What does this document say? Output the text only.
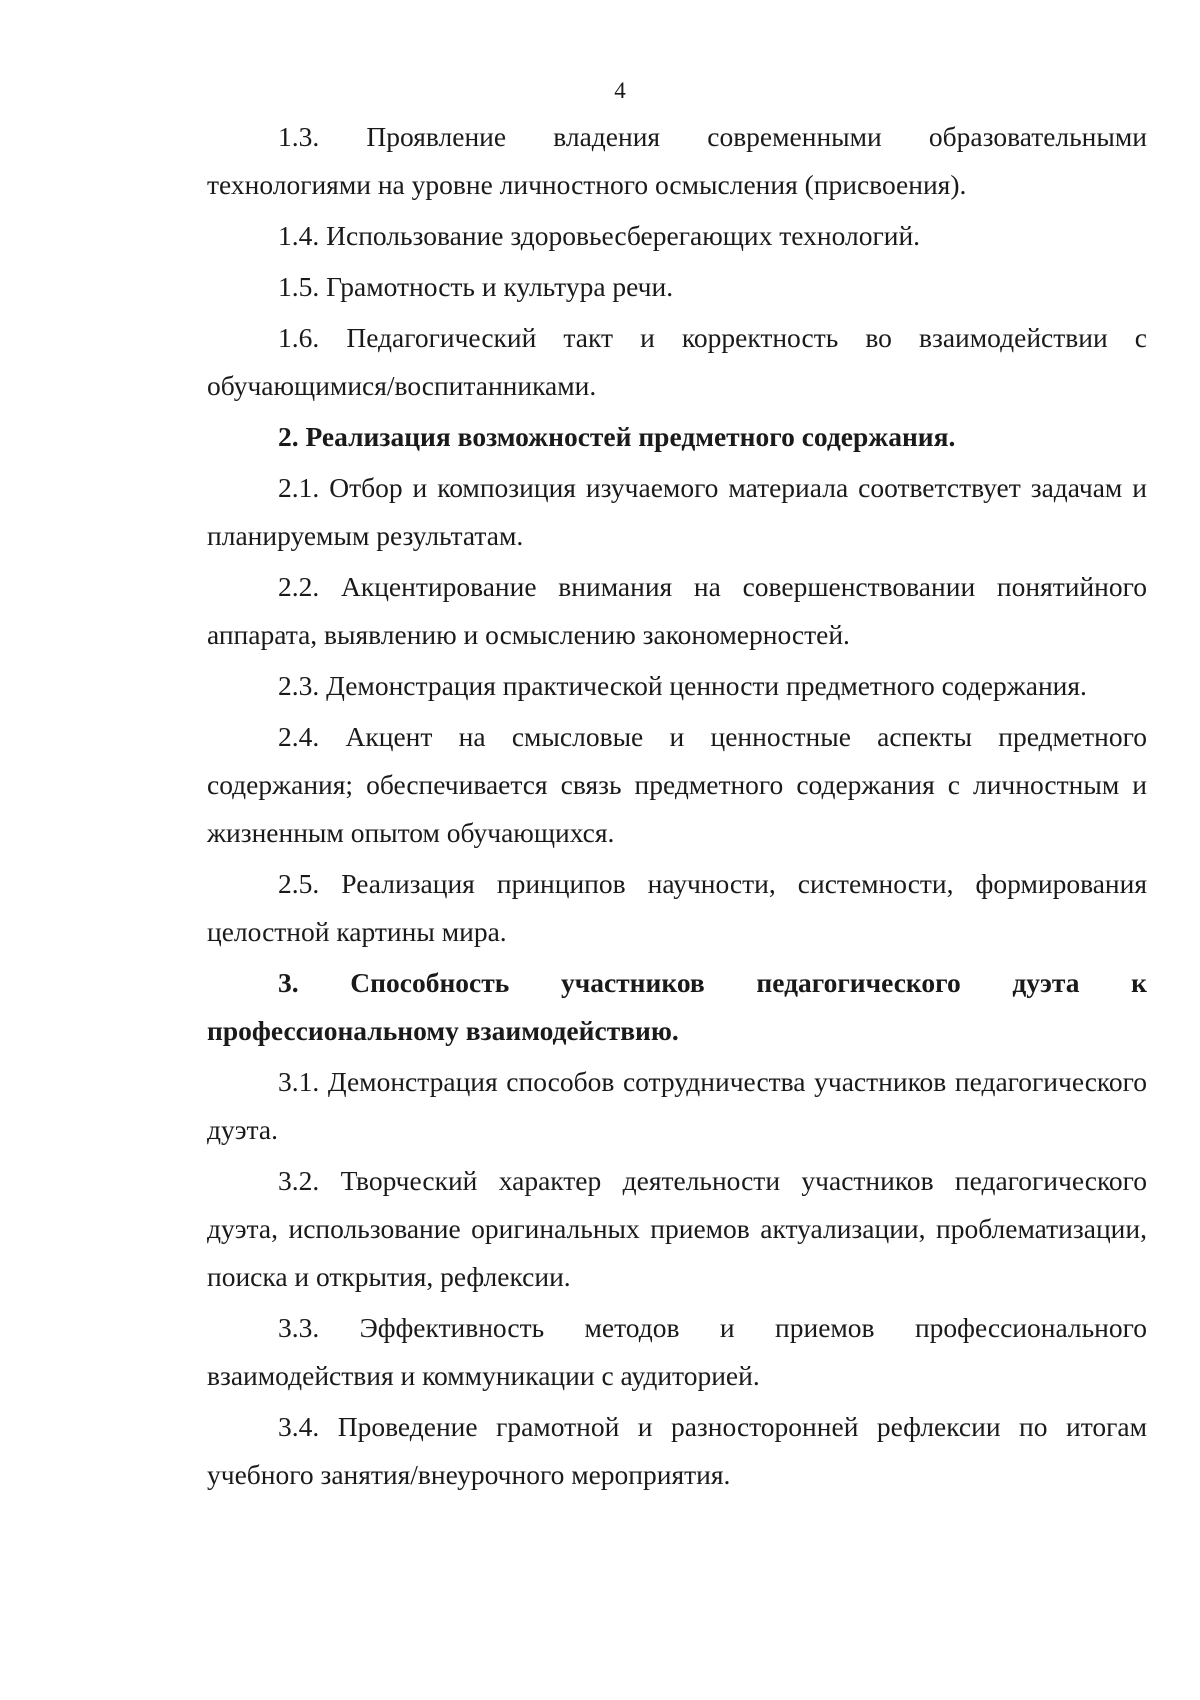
4

1.3. Проявление владения современными образовательными технологиями на уровне личностного осмысления (присвоения).

1.4. Использование здоровьесберегающих технологий.

1.5. Грамотность и культура речи.

1.6. Педагогический такт и корректность во взаимодействии с обучающимися/воспитанниками.

2. Реализация возможностей предметного содержания.

2.1. Отбор и композиция изучаемого материала соответствует задачам и планируемым результатам.

2.2. Акцентирование внимания на совершенствовании понятийного аппарата, выявлению и осмыслению закономерностей.

2.3. Демонстрация практической ценности предметного содержания.

2.4. Акцент на смысловые и ценностные аспекты предметного содержания; обеспечивается связь предметного содержания с личностным и жизненным опытом обучающихся.

2.5. Реализация принципов научности, системности, формирования целостной картины мира.

3. Способность участников педагогического дуэта к профессиональному взаимодействию.

3.1. Демонстрация способов сотрудничества участников педагогического дуэта.

3.2. Творческий характер деятельности участников педагогического дуэта, использование оригинальных приемов актуализации, проблематизации, поиска и открытия, рефлексии.

3.3. Эффективность методов и приемов профессионального взаимодействия и коммуникации с аудиторией.

3.4. Проведение грамотной и разносторонней рефлексии по итогам учебного занятия/внеурочного мероприятия.
